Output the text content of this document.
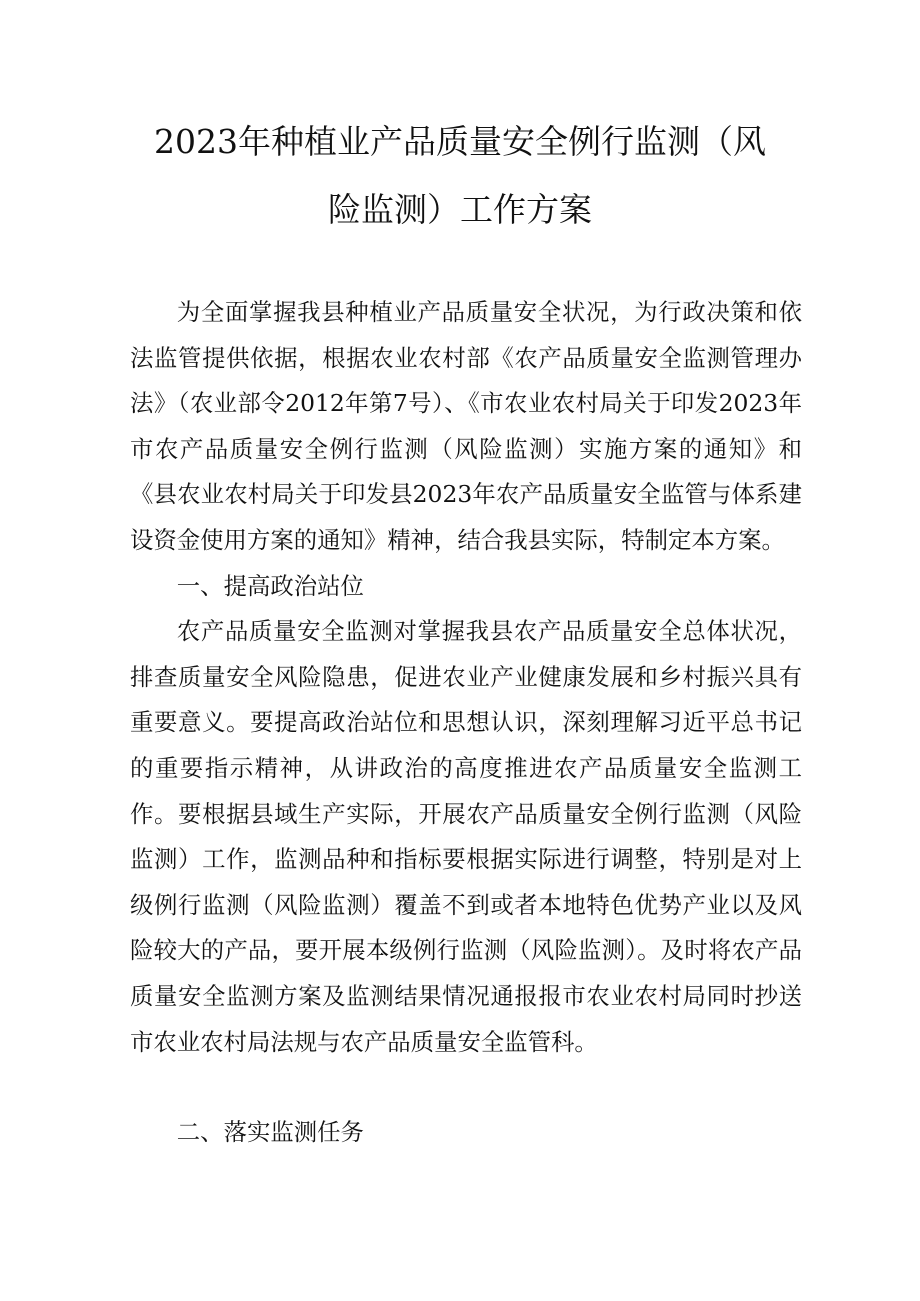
2023年种植业产品质量安全例行监测（风
险监测）工作方案

为全面掌握我县种植业产品质量安全状况，为行政决策和依法监管提供依据，根据农业农村部《农产品质量安全监测管理办法》（农业部令2012年第7号）、《市农业农村局关于印发2023年市农产品质量安全例行监测（风险监测）实施方案的通知》和《县农业农村局关于印发县2023年农产品质量安全监管与体系建设资金使用方案的通知》精神，结合我县实际，特制定本方案。

一、提高政治站位

农产品质量安全监测对掌握我县农产品质量安全总体状况，排查质量安全风险隐患，促进农业产业健康发展和乡村振兴具有重要意义。要提高政治站位和思想认识，深刻理解习近平总书记的重要指示精神，从讲政治的高度推进农产品质量安全监测工作。要根据县域生产实际，开展农产品质量安全例行监测（风险监测）工作，监测品种和指标要根据实际进行调整，特别是对上级例行监测（风险监测）覆盖不到或者本地特色优势产业以及风险较大的产品，要开展本级例行监测（风险监测）。及时将农产品质量安全监测方案及监测结果情况通报报市农业农村局同时抄送市农业农村局法规与农产品质量安全监管科。

二、落实监测任务
